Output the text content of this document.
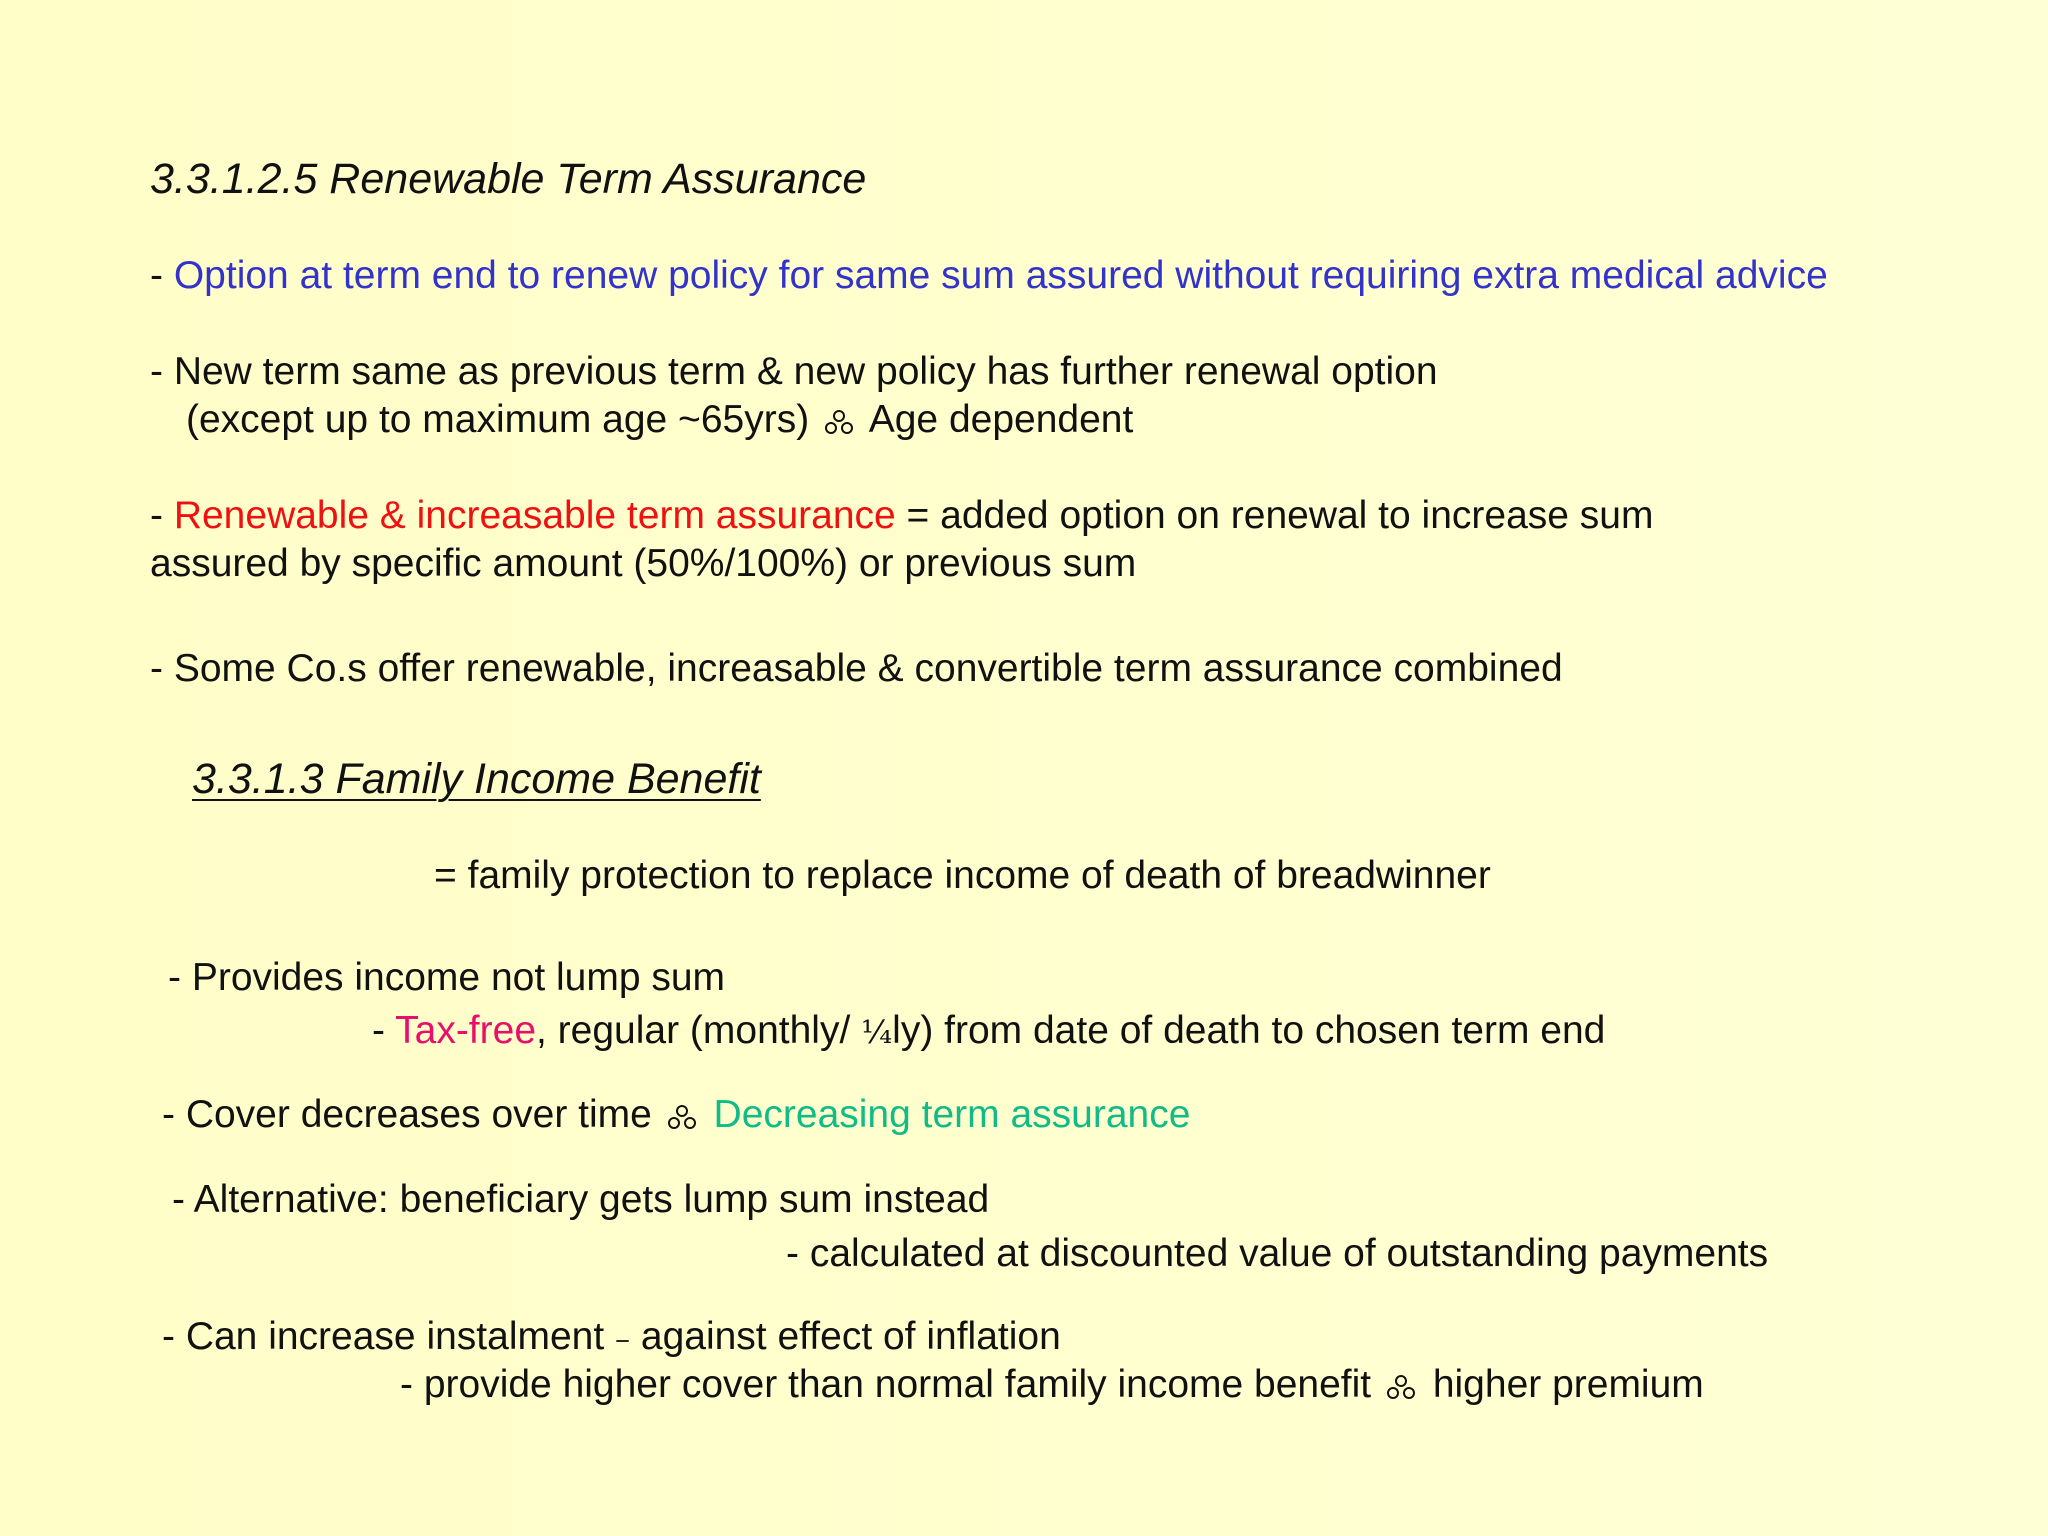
3.3.1.2.5 Renewable Term Assurance
- Option at term end to renew policy for same sum assured without requiring extra medical advice
- New term same as previous term & new policy has further renewal option
(except up to maximum age ~65yrs) Age dependent
- Renewable & increasable term assurance = added option on renewal to increase sum
assured by specific amount (50%/100%) or previous sum
- Some Co.s offer renewable, increasable & convertible term assurance combined
3.3.1.3 Family Income Benefit
= family protection to replace income of death of breadwinner
- Provides income not lump sum
- Tax-free, regular (monthly/ ¼ly) from date of death to chosen term end
- Cover decreases over time Decreasing term assurance
- Alternative: beneficiary gets lump sum instead
- calculated at discounted value of outstanding payments
- Can increase instalment – against effect of inflation
- provide higher cover than normal family income benefit higher premium
